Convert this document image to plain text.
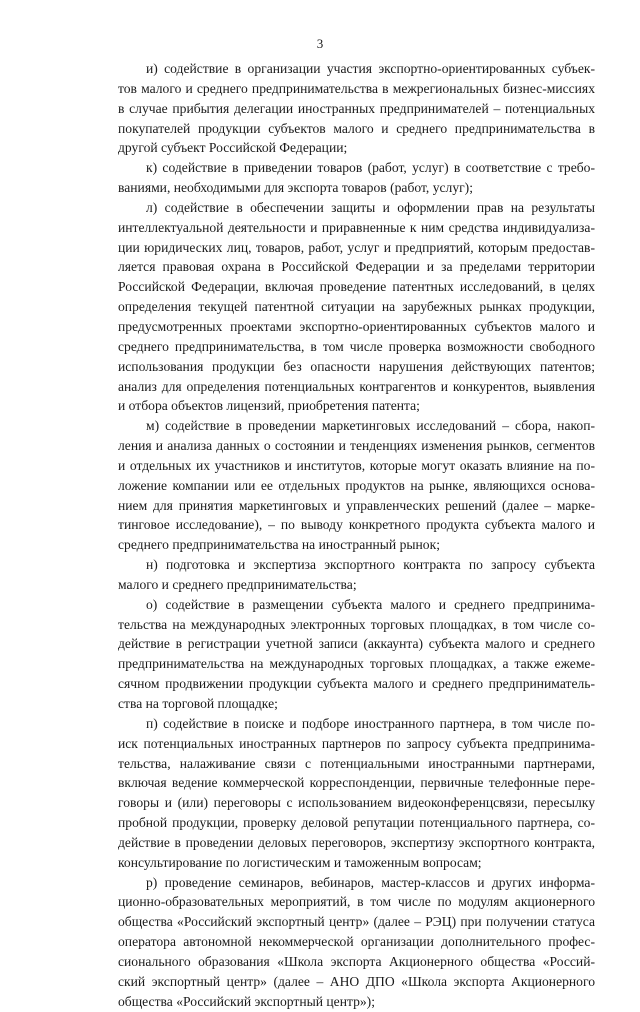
3
и) содействие в организации участия экспортно-ориентированных субъек-
тов малого и среднего предпринимательства в межрегиональных бизнес-миссиях
в случае прибытия делегации иностранных предпринимателей – потенциальных
покупателей продукции субъектов малого и среднего предпринимательства в
другой субъект Российской Федерации;
к) содействие в приведении товаров (работ, услуг) в соответствие с требо-
ваниями, необходимыми для экспорта товаров (работ, услуг);
л) содействие в обеспечении защиты и оформлении прав на результаты
интеллектуальной деятельности и приравненные к ним средства индивидуализа-
ции юридических лиц, товаров, работ, услуг и предприятий, которым предостав-
ляется правовая охрана в Российской Федерации и за пределами территории
Российской Федерации, включая проведение патентных исследований, в целях
определения текущей патентной ситуации на зарубежных рынках продукции,
предусмотренных проектами экспортно-ориентированных субъектов малого и
среднего предпринимательства, в том числе проверка возможности свободного
использования продукции без опасности нарушения действующих патентов;
анализ для определения потенциальных контрагентов и конкурентов, выявления
и отбора объектов лицензий, приобретения патента;
м) содействие в проведении маркетинговых исследований – сбора, накоп-
ления и анализа данных о состоянии и тенденциях изменения рынков, сегментов
и отдельных их участников и институтов, которые могут оказать влияние на по-
ложение компании или ее отдельных продуктов на рынке, являющихся основа-
нием для принятия маркетинговых и управленческих решений (далее – марке-
тинговое исследование), – по выводу конкретного продукта субъекта малого и
среднего предпринимательства на иностранный рынок;
н) подготовка и экспертиза экспортного контракта по запросу субъекта
малого и среднего предпринимательства;
о) содействие в размещении субъекта малого и среднего предпринима-
тельства на международных электронных торговых площадках, в том числе со-
действие в регистрации учетной записи (аккаунта) субъекта малого и среднего
предпринимательства на международных торговых площадках, а также ежеме-
сячном продвижении продукции субъекта малого и среднего предприниматель-
ства на торговой площадке;
п) содействие в поиске и подборе иностранного партнера, в том числе по-
иск потенциальных иностранных партнеров по запросу субъекта предпринима-
тельства, налаживание связи с потенциальными иностранными партнерами,
включая ведение коммерческой корреспонденции, первичные телефонные пере-
говоры и (или) переговоры с использованием видеоконференцсвязи, пересылку
пробной продукции, проверку деловой репутации потенциального партнера, со-
действие в проведении деловых переговоров, экспертизу экспортного контракта,
консультирование по логистическим и таможенным вопросам;
р) проведение семинаров, вебинаров, мастер-классов и других информа-
ционно-образовательных мероприятий, в том числе по модулям акционерного
общества «Российский экспортный центр» (далее – РЭЦ) при получении статуса
оператора автономной некоммерческой организации дополнительного профес-
сионального образования «Школа экспорта Акционерного общества «Россий-
ский экспортный центр» (далее – АНО ДПО «Школа экспорта Акционерного
общества «Российский экспортный центр»);
